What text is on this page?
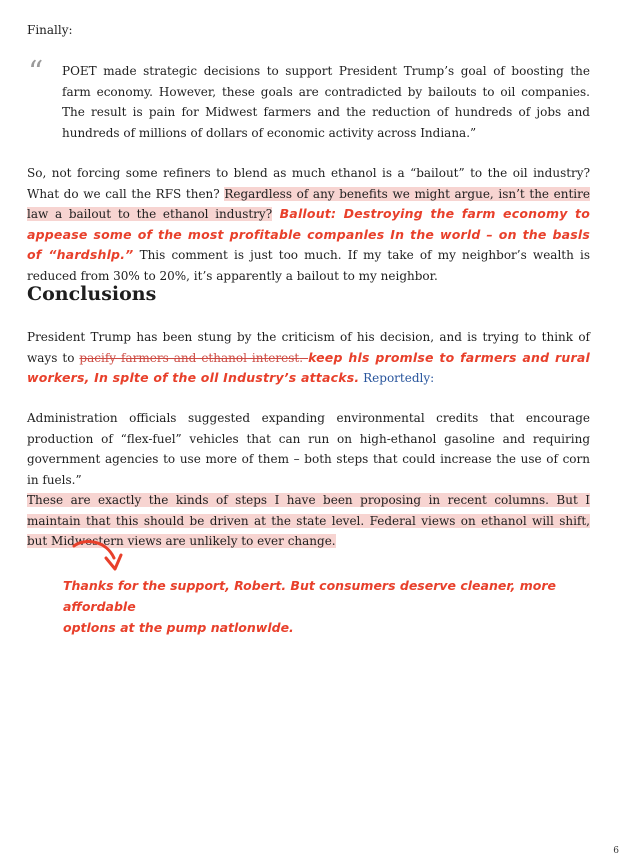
Finally:

“ POET made strategic decisions to support President Trump’s goal of boosting the farm economy. However, these goals are contradicted by bailouts to oil companies. The result is pain for Midwest farmers and the reduction of hundreds of jobs and hundreds of millions of dollars of economic activity across Indiana.”

So, not forcing some refiners to blend as much ethanol is a “bailout” to the oil industry? What do we call the RFS then? Regardless of any benefits we might argue, isn’t the entire law a bailout to the ethanol industry? Ballout: Destroying the farm economy to appease some of the most profitable companles In the world – on the basls of “hardshlp.” This comment is just too much. If my take of my neighbor’s wealth is reduced from 30% to 20%, it’s apparently a bailout to my neighbor.

Conclusions

President Trump has been stung by the criticism of his decision, and is trying to think of ways to pacify farmers and ethanol interest. keep hls promlse to farmers and rural workers, In splte of the oll Industry’s attacks. Reportedly:

Administration officials suggested expanding environmental credits that encourage production of “flex-fuel” vehicles that can run on high-ethanol gasoline and requiring government agencies to use more of them – both steps that could increase the use of corn in fuels.”

These are exactly the kinds of steps I have been proposing in recent columns. But I maintain that this should be driven at the state level. Federal views on ethanol will shift, but Midwestern views are unlikely to ever change.

Thanks for the support, Robert. But consumers deserve cleaner, more affordable
optlons at the pump natlonwlde.
6
